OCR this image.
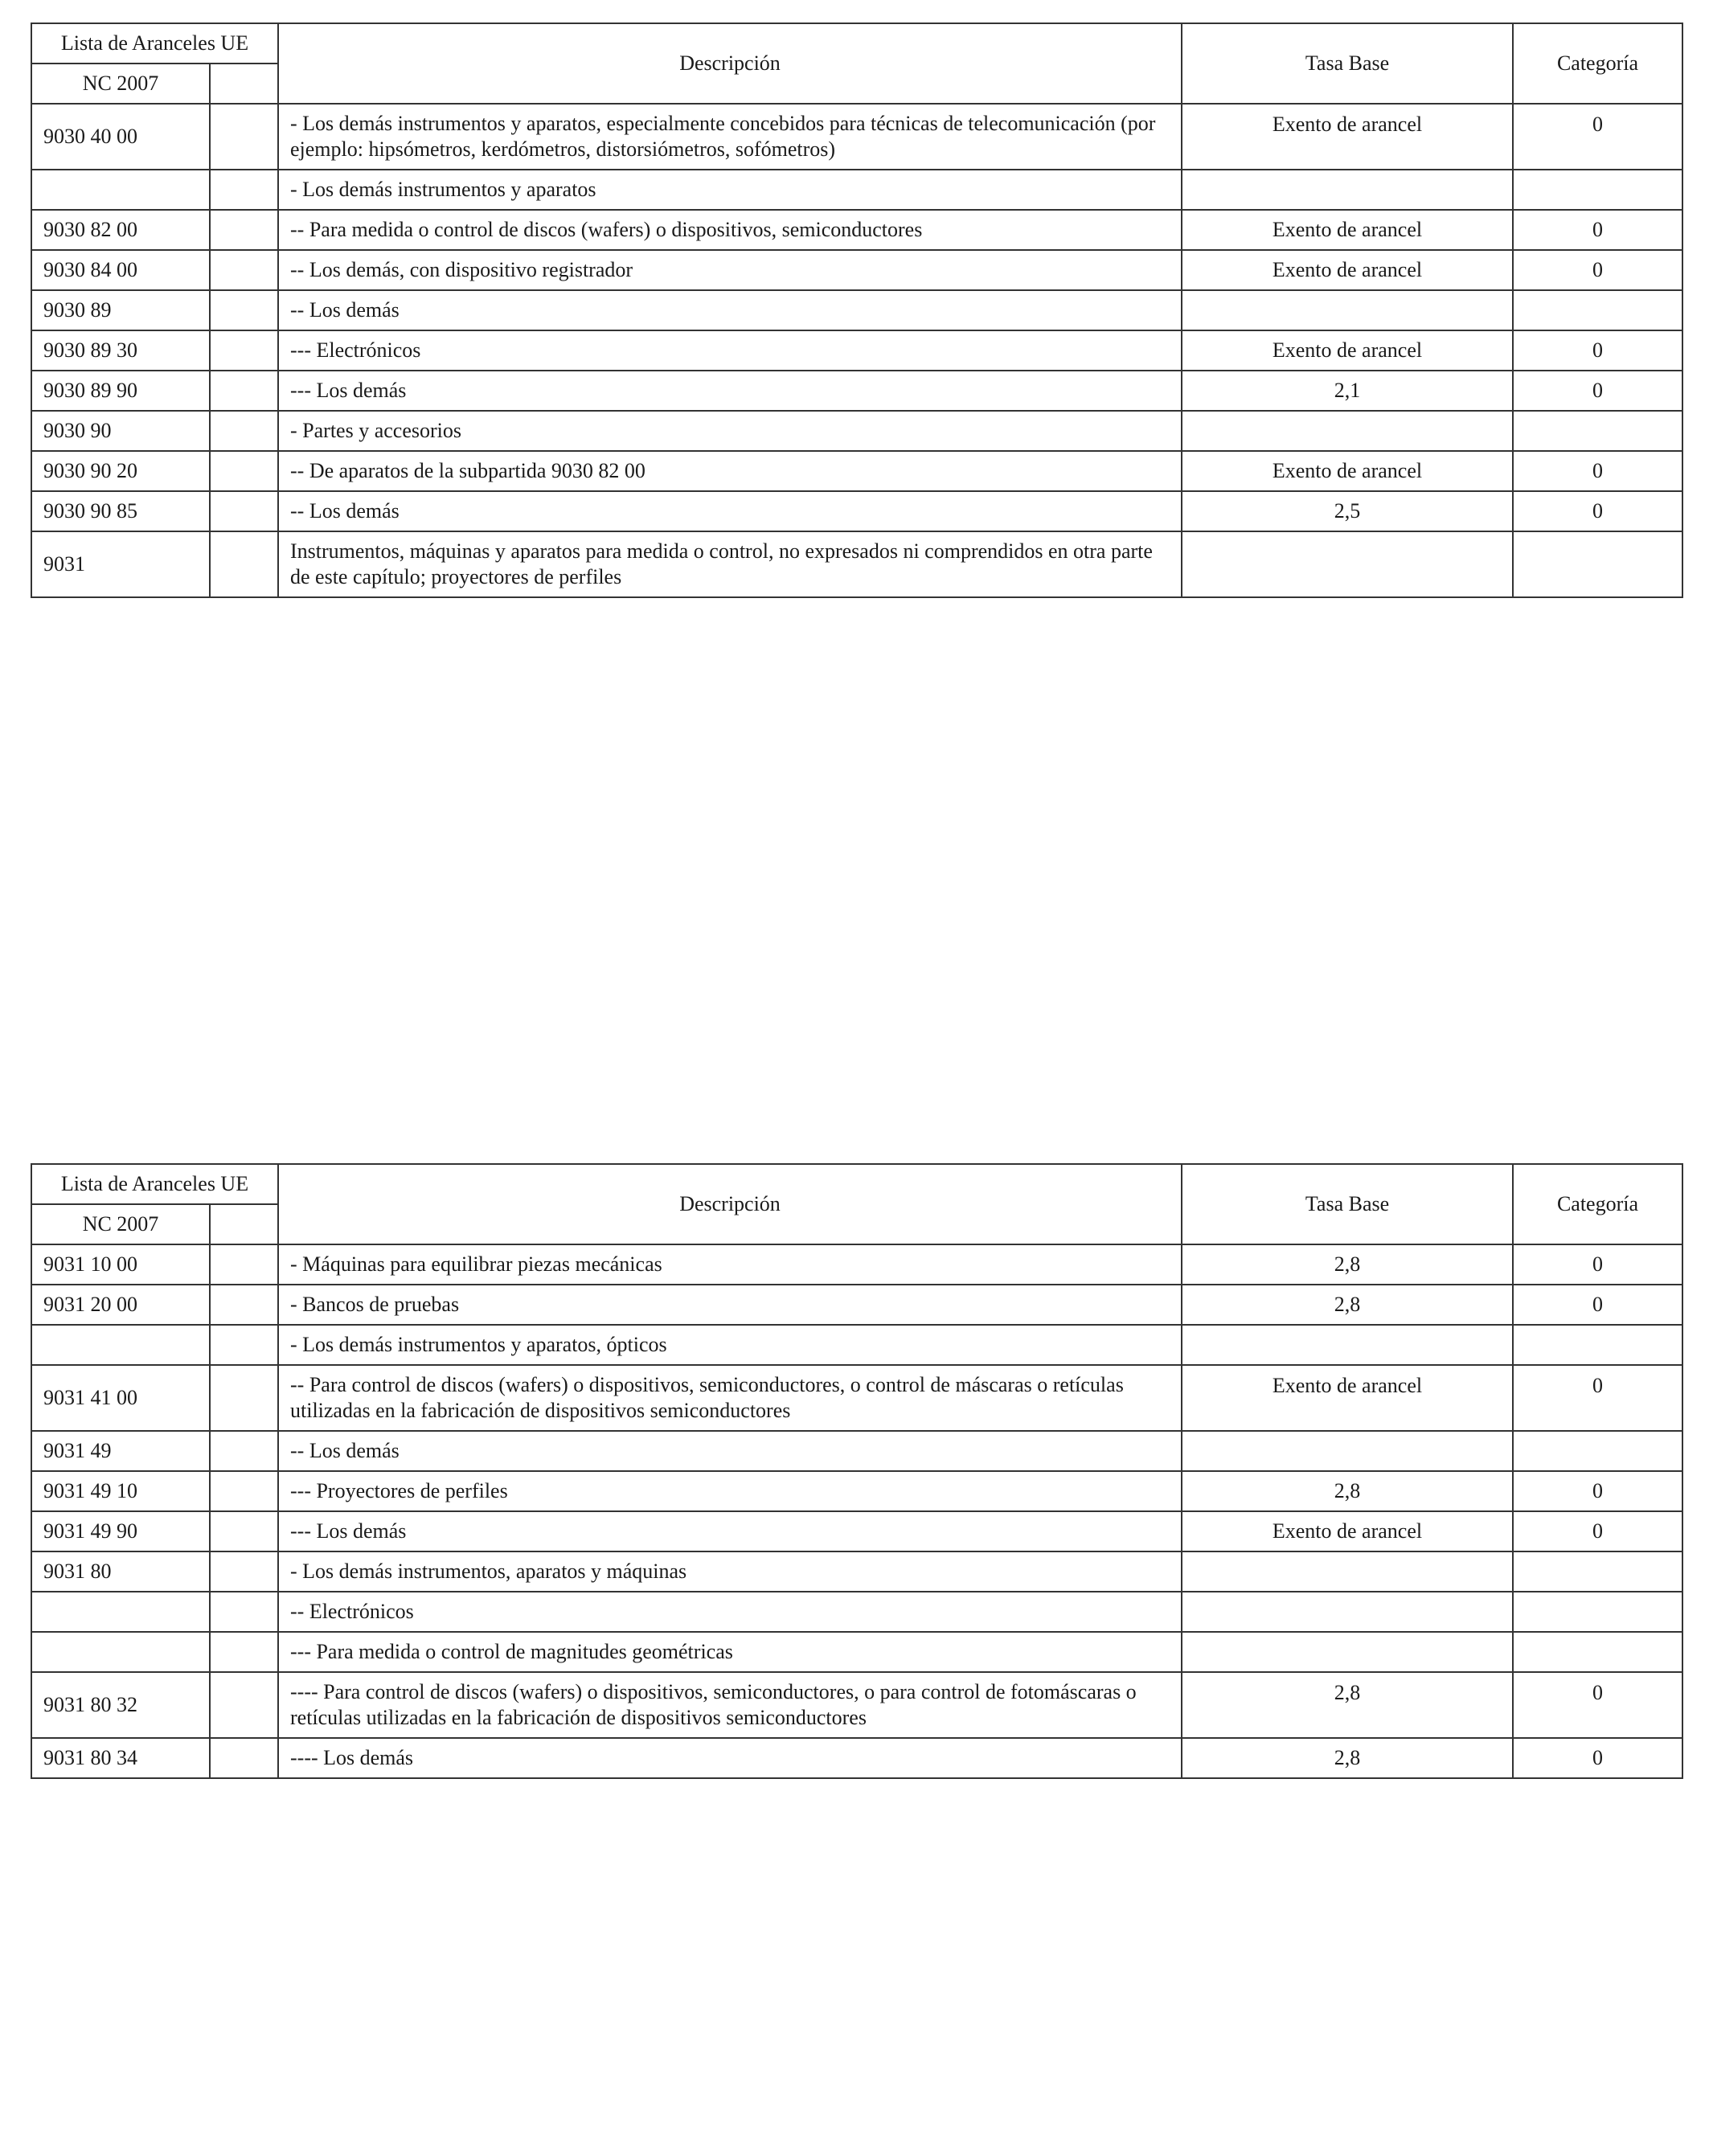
Lista de Aranceles UE		Descripción	Tasa Base	Categoría
NC 2007				
9030 40 00		- Los demás instrumentos y aparatos, especialmente concebidos para técnicas de telecomunicación (por ejemplo: hipsómetros, kerdómetros, distorsiómetros, sofómetros)	Exento de arancel	0
		- Los demás instrumentos y aparatos		
9030 82 00		-- Para medida o control de discos (wafers) o dispositivos, semiconductores	Exento de arancel	0
9030 84 00		-- Los demás, con dispositivo registrador	Exento de arancel	0
9030 89		-- Los demás		
9030 89 30		--- Electrónicos	Exento de arancel	0
9030 89 90		--- Los demás	2,1	0
9030 90		- Partes y accesorios		
9030 90 20		-- De aparatos de la subpartida 9030 82 00	Exento de arancel	0
9030 90 85		-- Los demás	2,5	0
9031		Instrumentos, máquinas y aparatos para medida o control, no expresados ni comprendidos en otra parte de este capítulo; proyectores de perfiles		
Lista de Aranceles UE		Descripción	Tasa Base	Categoría
NC 2007				
9031 10 00		- Máquinas para equilibrar piezas mecánicas	2,8	0
9031 20 00		- Bancos de pruebas	2,8	0
		- Los demás instrumentos y aparatos, ópticos		
9031 41 00		-- Para control de discos (wafers) o dispositivos, semiconductores, o control de máscaras o retículas utilizadas en la fabricación de dispositivos semiconductores	Exento de arancel	0
9031 49		-- Los demás		
9031 49 10		--- Proyectores de perfiles	2,8	0
9031 49 90		--- Los demás	Exento de arancel	0
9031 80		- Los demás instrumentos, aparatos y máquinas		
		-- Electrónicos		
		--- Para medida o control de magnitudes geométricas		
9031 80 32		---- Para control de discos (wafers) o dispositivos, semiconductores, o para control de fotomáscaras o retículas utilizadas en la fabricación de dispositivos semiconductores	2,8	0
9031 80 34		---- Los demás	2,8	0
